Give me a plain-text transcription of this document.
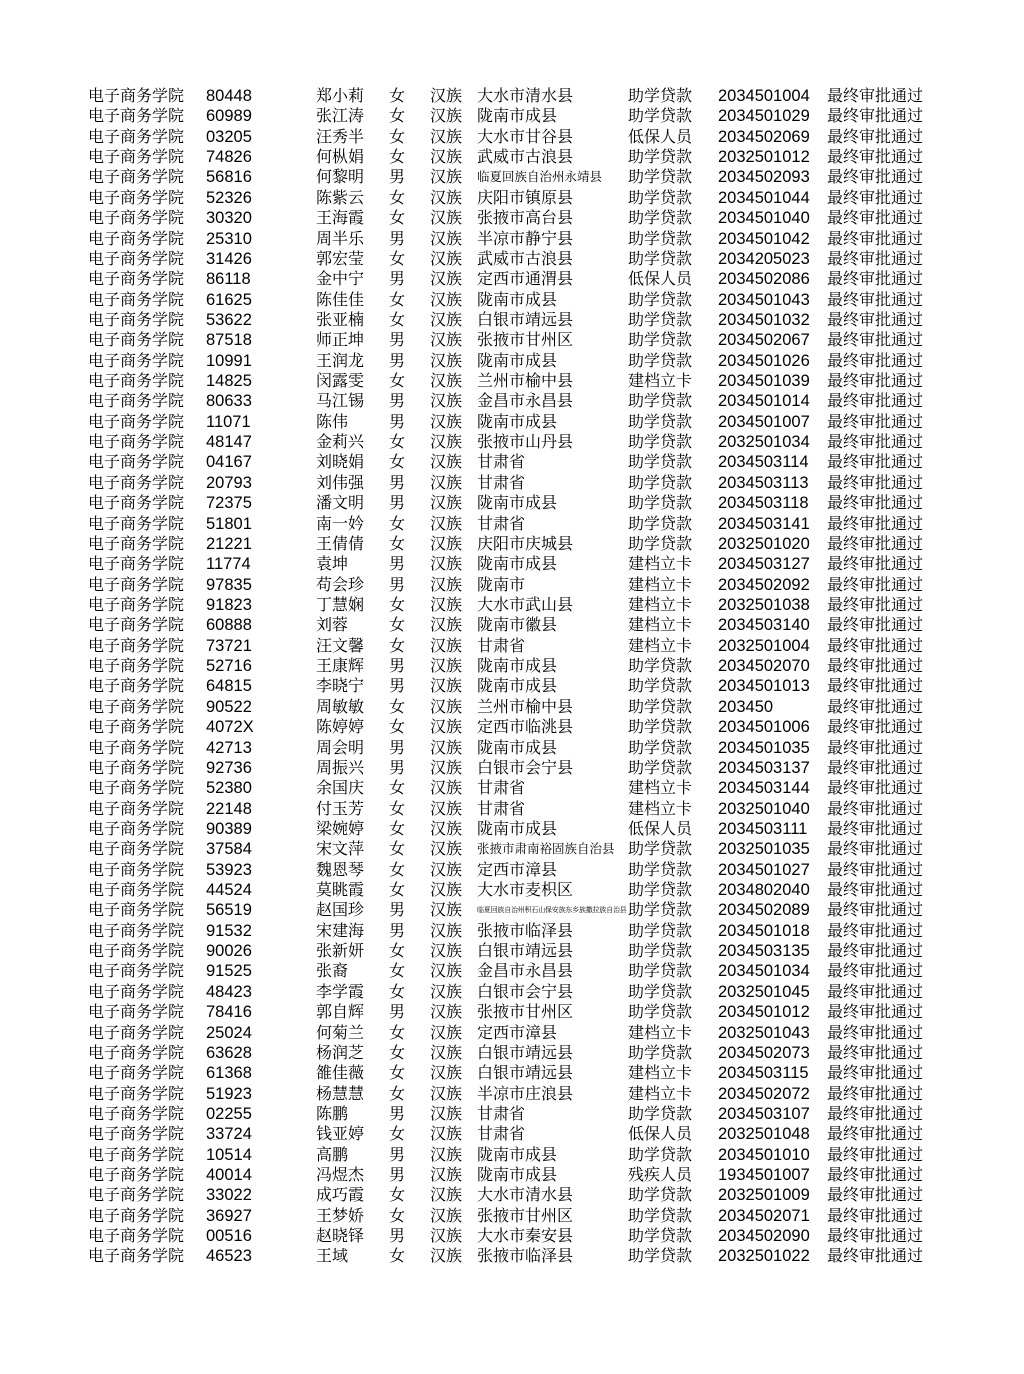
电子商务学院 80448	郑小莉 女 汉族 大水市清水县	助学贷款 2034501004 最终审批通过
电子商务学院 60989	张江涛 女 汉族 陇南市成县	助学贷款 2034501029 最终审批通过
电子商务学院 03205	汪秀半 女 汉族 大水市甘谷县	低保人员 2034502069 最终审批通过
电子商务学院 74826	何枞娟 女 汉族 武威市古浪县	助学贷款 2032501012 最终审批通过
电子商务学院 56816	何黎明 男 汉族 临夏回族自治州永靖县 助学贷款 2034502093 最终审批通过
电子商务学院 52326	陈紫云 女 汉族 庆阳市镇原县	助学贷款 2034501044 最终审批通过
电子商务学院 30320	王海霞 女 汉族 张掖市高台县	助学贷款 2034501040 最终审批通过
电子商务学院 25310	周半乐 男 汉族 半凉市静宁县	助学贷款 2034501042 最终审批通过
电子商务学院 31426	郭宏莹 女 汉族 武威市古浪县	助学贷款 2034205023 最终审批通过
电子商务学院 86118	金中宁 男 汉族 定西市通渭县	低保人员 2034502086 最终审批通过
电子商务学院 61625	陈佳佳 女 汉族 陇南市成县	助学贷款 2034501043 最终审批通过
电子商务学院 53622	张亚楠 女 汉族 白银市靖远县	助学贷款 2034501032 最终审批通过
电子商务学院 87518	师正坤 男 汉族 张掖市甘州区	助学贷款 2034502067 最终审批通过
电子商务学院 10991	王润龙 男 汉族 陇南市成县	助学贷款 2034501026 最终审批通过
电子商务学院 14825	闵露雯 女 汉族 兰州市榆中县	建档立卡 2034501039 最终审批通过
电子商务学院 80633	马江锡 男 汉族 金昌市永昌县	助学贷款 2034501014 最终审批通过
电子商务学院 11071	陈伟	男 汉族 陇南市成县	助学贷款 2034501007 最终审批通过
电子商务学院 48147	金莉兴 女 汉族 张掖市山丹县	助学贷款 2032501034 最终审批通过
电子商务学院 04167	刘晓娟 女 汉族 甘肃省	助学贷款 2034503114 最终审批通过
电子商务学院 20793	刘伟强 男 汉族 甘肃省	助学贷款 2034503113 最终审批通过
电子商务学院 72375	潘文明 男 汉族 陇南市成县	助学贷款 2034503118 最终审批通过
电子商务学院 51801	南一妗 女 汉族 甘肃省	助学贷款 2034503141 最终审批通过
电子商务学院 21221	王倩倩 女 汉族 庆阳市庆城县	助学贷款 2032501020 最终审批通过
电子商务学院 11774	袁坤	男 汉族 陇南市成县	建档立卡 2034503127 最终审批通过
电子商务学院 97835	苟会珍 男 汉族 陇南市	建档立卡 2034502092 最终审批通过
电子商务学院 91823	丁慧娴 女 汉族 大水市武山县	建档立卡 2032501038 最终审批通过
电子商务学院 60888	刘蓉	女 汉族 陇南市徽县	建档立卡 2034503140 最终审批通过
电子商务学院 73721	汪文馨 女 汉族 甘肃省	建档立卡 2032501004 最终审批通过
电子商务学院 52716	王康辉 男 汉族 陇南市成县	助学贷款 2034502070 最终审批通过
电子商务学院 64815	李晓宁 男 汉族 陇南市成县	助学贷款 2034501013 最终审批通过
电子商务学院 90522	周敏敏 女 汉族 兰州市榆中县	助学贷款 203450	最终审批通过
电子商务学院 4072X	陈婷婷 女 汉族 定西市临洮县	助学贷款 2034501006 最终审批通过
电子商务学院 42713	周会明 男 汉族 陇南市成县	助学贷款 2034501035 最终审批通过
电子商务学院 92736	周振兴 男 汉族 白银市会宁县	助学贷款 2034503137 最终审批通过
电子商务学院 52380	余国庆 女 汉族 甘肃省	建档立卡 2034503144 最终审批通过
电子商务学院 22148	付玉芳 女 汉族 甘肃省	建档立卡 2032501040 最终审批通过
电子商务学院 90389	梁婉婷 女 汉族 陇南市成县	低保人员 2034503111 最终审批通过
电子商务学院 37584	宋文萍 女 汉族 张掖市肃南裕固族自治县 助学贷款 2032501035 最终审批通过
电子商务学院 53923	魏恩琴 女 汉族 定西市漳县	助学贷款 2034501027 最终审批通过
电子商务学院 44524	莫眺霞 女 汉族 大水市麦枳区	助学贷款 2034802040 最终审批通过
电子商务学院 56519	赵国珍 男 汉族 临夏回族自治州积石山保安族东乡族撒拉族自治县 助学贷款 2034502089 最终审批通过
电子商务学院 91532	宋建海 男 汉族 张掖市临泽县	助学贷款 2034501018 最终审批通过
电子商务学院 90026	张新妍 女 汉族 白银市靖远县	助学贷款 2034503135 最终审批通过
电子商务学院 91525	张裔	女 汉族 金昌市永昌县	助学贷款 2034501034 最终审批通过
电子商务学院 48423	李学霞 女 汉族 白银市会宁县	助学贷款 2032501045 最终审批通过
电子商务学院 78416	郭自辉 男 汉族 张掖市甘州区	助学贷款 2034501012 最终审批通过
电子商务学院 25024	何菊兰 女 汉族 定西市漳县	建档立卡 2032501043 最终审批通过
电子商务学院 63628	杨润芝 女 汉族 白银市靖远县	助学贷款 2034502073 最终审批通过
电子商务学院 61368	雒佳薇 女 汉族 白银市靖远县	建档立卡 2034503115 最终审批通过
电子商务学院 51923	杨慧慧 女 汉族 半凉市庄浪县	建档立卡 2034502072 最终审批通过
电子商务学院 02255	陈鹏	男 汉族 甘肃省	助学贷款 2034503107 最终审批通过
电子商务学院 33724	钱亚婷 女 汉族 甘肃省	低保人员 2032501048 最终审批通过
电子商务学院 10514	高鹏	男 汉族 陇南市成县	助学贷款 2034501010 最终审批通过
电子商务学院 40014	冯煜杰 男 汉族 陇南市成县	残疾人员 1934501007 最终审批通过
电子商务学院 33022	成巧霞 女 汉族 大水市清水县	助学贷款 2032501009 最终审批通过
电子商务学院 36927	王梦娇 女 汉族 张掖市甘州区	助学贷款 2034502071 最终审批通过
电子商务学院 00516	赵晓铎 男 汉族 大水市秦安县	助学贷款 2034502090 最终审批通过
电子商务学院 46523	王域	女 汉族 张掖市临泽县	助学贷款 2032501022 最终审批通过
